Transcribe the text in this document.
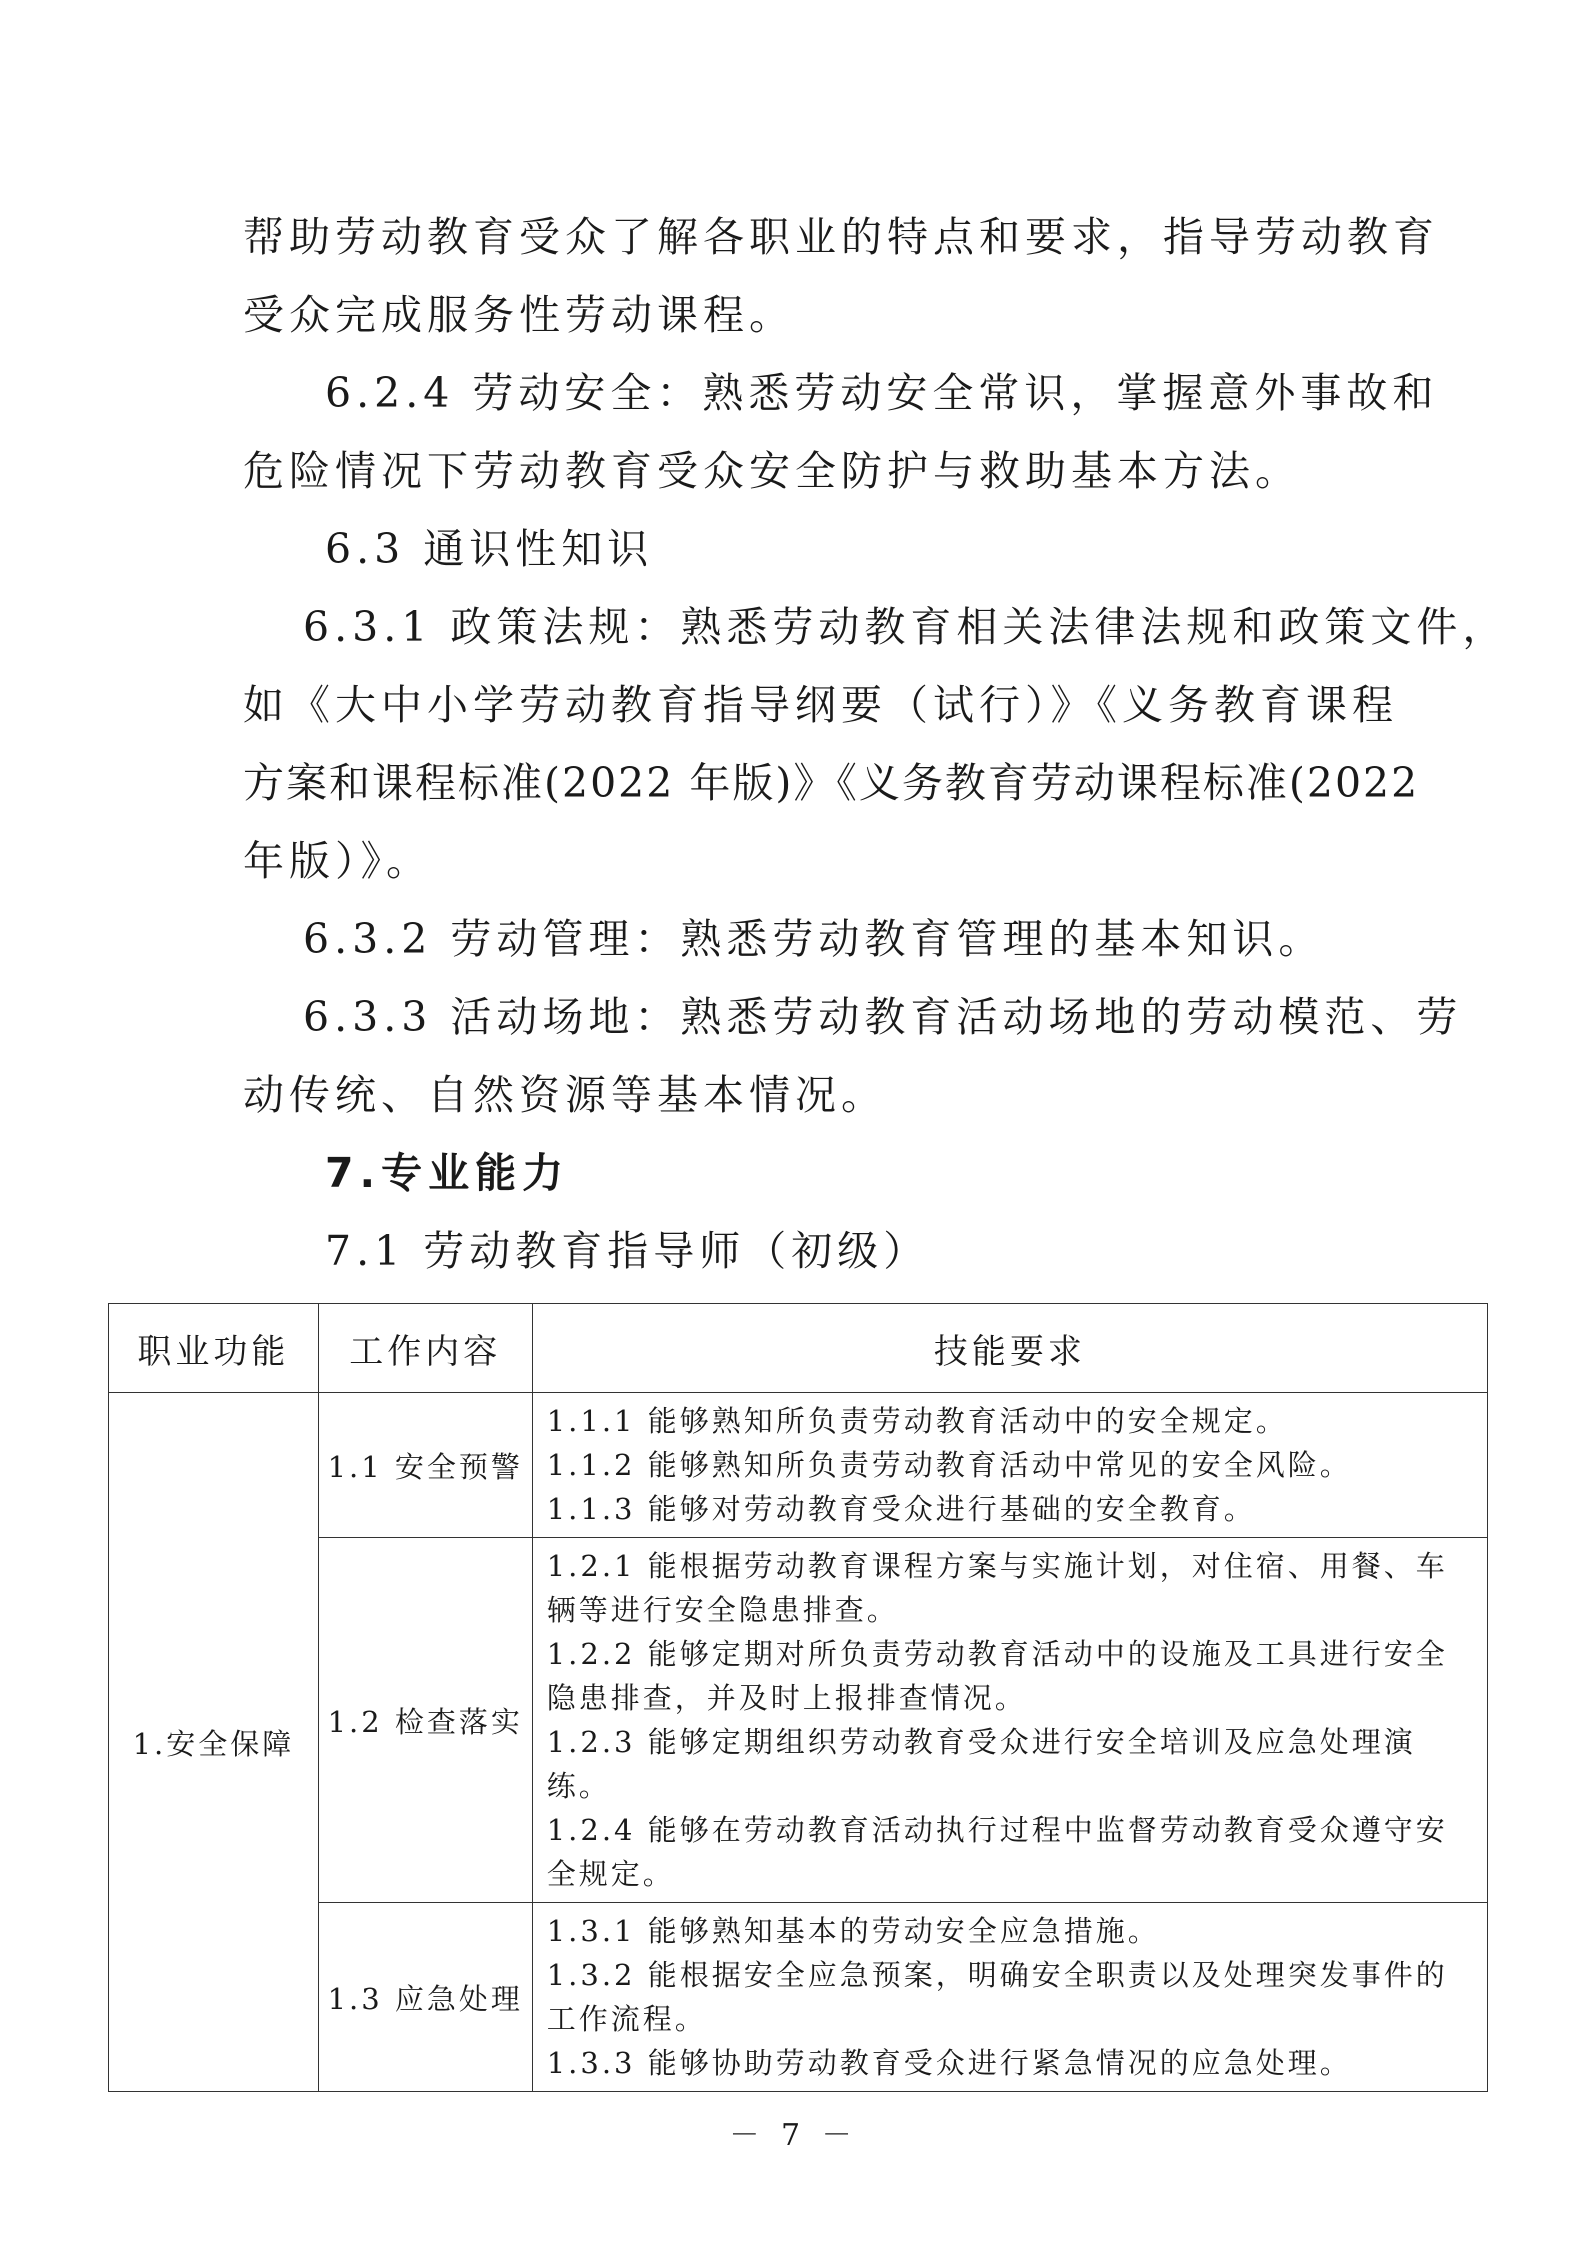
帮助劳动教育受众了解各职业的特点和要求，指导劳动教育

受众完成服务性劳动课程。

6.2.4 劳动安全：熟悉劳动安全常识，掌握意外事故和

危险情况下劳动教育受众安全防护与救助基本方法。

6.3 通识性知识

6.3.1 政策法规：熟悉劳动教育相关法律法规和政策文件，

如《大中小学劳动教育指导纲要（试行）》《义务教育课程

方案和课程标准(2022 年版)》《义务教育劳动课程标准(2022

年版）》。

6.3.2 劳动管理：熟悉劳动教育管理的基本知识。

6.3.3 活动场地：熟悉劳动教育活动场地的劳动模范、劳

动传统、自然资源等基本情况。

7.专业能力
7.1 劳动教育指导师（初级）
职业功能	工作内容	技能要求
1.安全保障	1.1 安全预警	1.1.1 能够熟知所负责劳动教育活动中的安全规定。
1.1.2 能够熟知所负责劳动教育活动中常见的安全风险。
1.1.3 能够对劳动教育受众进行基础的安全教育。

	1.2 检查落实	1.2.1 能根据劳动教育课程方案与实施计划，对住宿、用餐、车辆等进行安全隐患排查。
1.2.2 能够定期对所负责劳动教育活动中的设施及工具进行安全隐患排查，并及时上报排查情况。
1.2.3 能够定期组织劳动教育受众进行安全培训及应急处理演练。
1.2.4 能够在劳动教育活动执行过程中监督劳动教育受众遵守安全规定。

	1.3 应急处理	1.3.1 能够熟知基本的劳动安全应急措施。
1.3.2 能根据安全应急预案，明确安全职责以及处理突发事件的工作流程。
1.3.3 能够协助劳动教育受众进行紧急情况的应急处理。
－ 7 －
